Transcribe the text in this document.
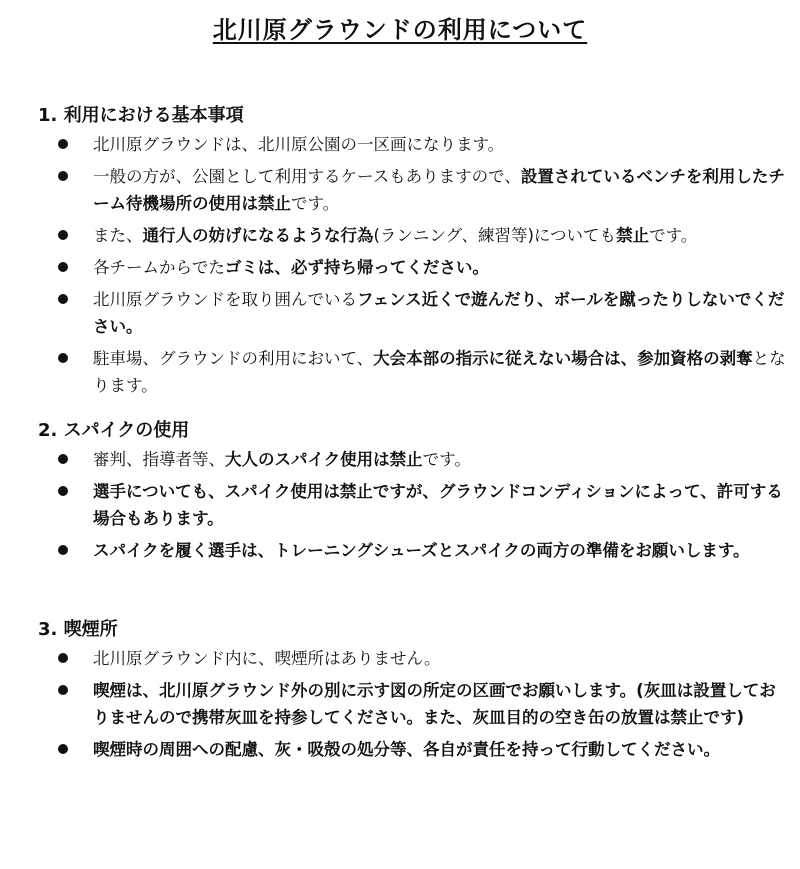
北川原グラウンドの利用について
1. 利用における基本事項
北川原グラウンドは、北川原公園の一区画になります。
一般の方が、公園として利用するケースもありますので、設置されているベンチを利用したチーム待機場所の使用は禁止です。
また、通行人の妨げになるような行為(ランニング、練習等)についても禁止です。
各チームからでたゴミは、必ず持ち帰ってください。
北川原グラウンドを取り囲んでいるフェンス近くで遊んだり、ボールを蹴ったりしないでください。
駐車場、グラウンドの利用において、大会本部の指示に従えない場合は、参加資格の剥奪となります。
2. スパイクの使用
審判、指導者等、大人のスパイク使用は禁止です。
選手についても、スパイク使用は禁止ですが、グラウンドコンディションによって、許可する場合もあります。
スパイクを履く選手は、トレーニングシューズとスパイクの両方の準備をお願いします。
3. 喫煙所
北川原グラウンド内に、喫煙所はありません。
喫煙は、北川原グラウンド外の別に示す図の所定の区画でお願いします。(灰皿は設置しておりませんので携帯灰皿を持参してください。また、灰皿目的の空き缶の放置は禁止です)
喫煙時の周囲への配慮、灰・吸殻の処分等、各自が責任を持って行動してください。
